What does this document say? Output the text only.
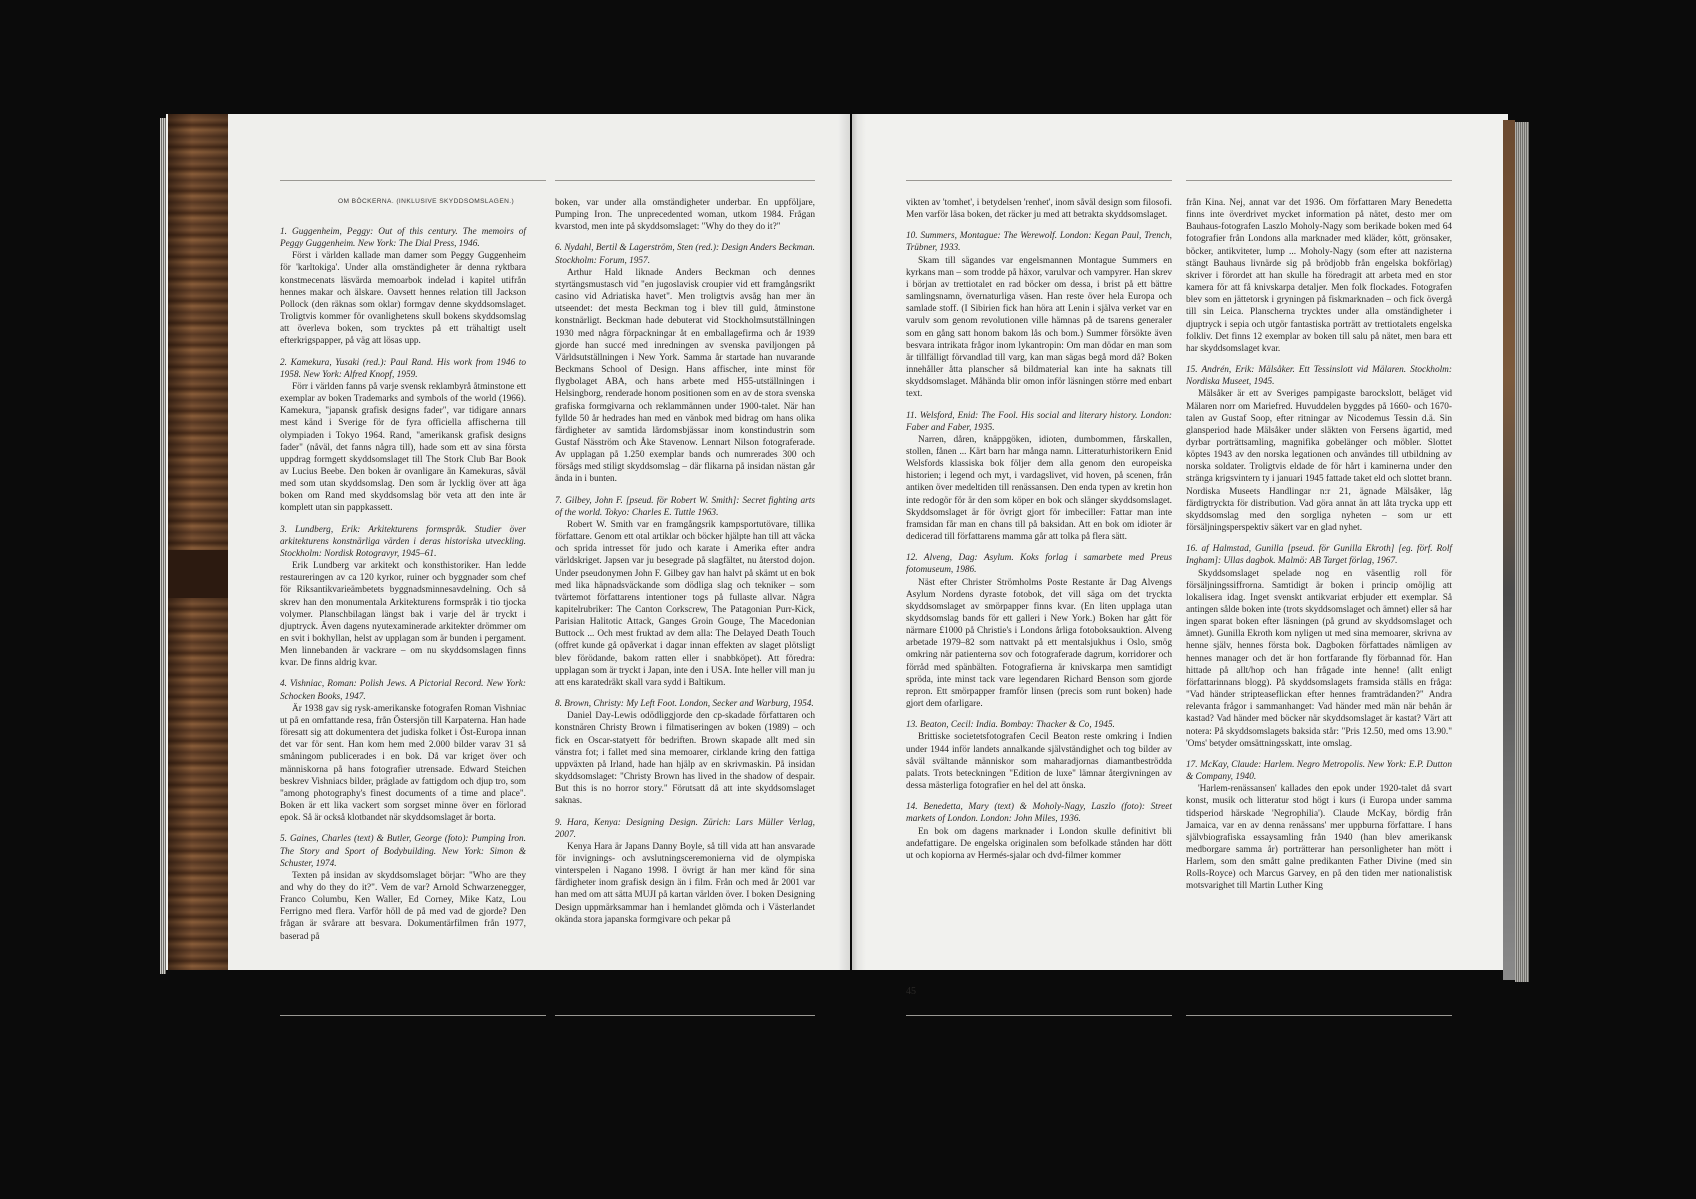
OM BÖCKERNA. (INKLUSIVE SKYDDSOMSLAGEN.)
1. Guggenheim, Peggy: Out of this century. The memoirs of Peggy Guggenheim. New York: The Dial Press, 1946.
Först i världen kallade man damer som Peggy Guggenheim för 'karltokiga'. Under alla omständigheter är denna ryktbara konstmecenats läsvärda memoarbok indelad i kapitel utifrån hennes makar och älskare. Oavsett hennes relation till Jackson Pollock (den räknas som oklar) formgav denne skyddsomslaget. Troligtvis kommer för ovanlighetens skull bokens skyddsomslag att överleva boken, som trycktes på ett trähaltigt uselt efterkrigspapper, på väg att lösas upp.
2. Kamekura, Yusaki (red.): Paul Rand. His work from 1946 to 1958. New York: Alfred Knopf, 1959.
Förr i världen fanns på varje svensk reklambyrå åtminstone ett exemplar av boken Trademarks and symbols of the world (1966). Kamekura, "japansk grafisk designs fader", var tidigare annars mest känd i Sverige för de fyra officiella affischerna till olympiaden i Tokyo 1964. Rand, "amerikansk grafisk designs fader" (nåväl, det fanns några till), hade som ett av sina första uppdrag formgett skyddsomslaget till The Stork Club Bar Book av Lucius Beebe. Den boken är ovanligare än Kamekuras, såväl med som utan skyddsomslag. Den som är lycklig över att äga boken om Rand med skyddsomslag bör veta att den inte är komplett utan sin pappkassett.
3. Lundberg, Erik: Arkitekturens formspråk. Studier över arkitekturens konstnärliga värden i deras historiska utveckling. Stockholm: Nordisk Rotogravyr, 1945–61.
Erik Lundberg var arkitekt och konsthistoriker. Han ledde restaureringen av ca 120 kyrkor, ruiner och byggnader som chef för Riksantikvarieämbetets byggnadsminnesavdelning. Och så skrev han den monumentala Arkitekturens formspråk i tio tjocka volymer. Planschbilagan längst bak i varje del är tryckt i djuptryck. Även dagens nyutexaminerade arkitekter drömmer om en svit i bokhyllan, helst av upplagan som är bunden i pergament. Men linnebanden är vackrare – om nu skyddsomslagen finns kvar. De finns aldrig kvar.
4. Vishniac, Roman: Polish Jews. A Pictorial Record. New York: Schocken Books, 1947.
Är 1938 gav sig rysk-amerikanske fotografen Roman Vishniac ut på en omfattande resa, från Östersjön till Karpaterna. Han hade föresatt sig att dokumentera det judiska folket i Öst-Europa innan det var för sent. Han kom hem med 2.000 bilder varav 31 så småningom publicerades i en bok. Då var kriget över och människorna på hans fotografier utrensade. Edward Steichen beskrev Vishniacs bilder, präglade av fattigdom och djup tro, som "among photography's finest documents of a time and place". Boken är ett lika vackert som sorgset minne över en förlorad epok. Så är också klotbandet när skyddsomslaget är borta.
5. Gaines, Charles (text) & Butler, George (foto): Pumping Iron. The Story and Sport of Bodybuilding. New York: Simon & Schuster, 1974.
Texten på insidan av skyddsomslaget börjar: "Who are they and why do they do it?". Vem de var? Arnold Schwarzenegger, Franco Columbu, Ken Waller, Ed Corney, Mike Katz, Lou Ferrigno med flera. Varför höll de på med vad de gjorde? Den frågan är svårare att besvara. Dokumentärfilmen från 1977, baserad på
boken, var under alla omständigheter underbar. En uppföljare, Pumping Iron. The unprecedented woman, utkom 1984. Frågan kvarstod, men inte på skyddsomslaget: "Why do they do it?"
6. Nydahl, Bertil & Lagerström, Sten (red.): Design Anders Beckman. Stockholm: Forum, 1957.
Arthur Hald liknade Anders Beckman och dennes styrtängsmustasch vid "en jugoslavisk croupier vid ett framgångsrikt casino vid Adriatiska havet". Men troligtvis avsåg han mer än utseendet: det mesta Beckman tog i blev till guld, åtminstone konstnärligt. Beckman hade debuterat vid Stockholmsutställningen 1930 med några förpackningar åt en emballagefirma och år 1939 gjorde han succé med inredningen av svenska paviljongen på Världsutställningen i New York. Samma år startade han nuvarande Beckmans School of Design. Hans affischer, inte minst för flygbolaget ABA, och hans arbete med H55-utställningen i Helsingborg, renderade honom positionen som en av de stora svenska grafiska formgivarna och reklammännen under 1900-talet. När han fyllde 50 år hedrades han med en vänbok med bidrag om hans olika färdigheter av samtida lärdomsbjässar inom konstindustrin som Gustaf Näsström och Åke Stavenow. Lennart Nilson fotograferade. Av upplagan på 1.250 exemplar bands och numrerades 300 och försågs med stiligt skyddsomslag – där flikarna på insidan nästan går ända in i bunten.
7. Gilbey, John F. [pseud. för Robert W. Smith]: Secret fighting arts of the world. Tokyo: Charles E. Tuttle 1963.
Robert W. Smith var en framgångsrik kampsportutövare, tillika författare. Genom ett otal artiklar och böcker hjälpte han till att väcka och sprida intresset för judo och karate i Amerika efter andra världskriget. Japsen var ju besegrade på slagfältet, nu återstod dojon. Under pseudonymen John F. Gilbey gav han halvt på skämt ut en bok med lika häpnadsväckande som dödliga slag och tekniker – som tvärtemot författarens intentioner togs på fullaste allvar. Några kapitelrubriker: The Canton Corkscrew, The Patagonian Purr-Kick, Parisian Halitotic Attack, Ganges Groin Gouge, The Macedonian Buttock ... Och mest fruktad av dem alla: The Delayed Death Touch (offret kunde gå opåverkat i dagar innan effekten av slaget plötsligt blev förödande, bakom ratten eller i snabbköpet). Att föredra: upplagan som är tryckt i Japan, inte den i USA. Inte heller vill man ju att ens karatedräkt skall vara sydd i Baltikum.
8. Brown, Christy: My Left Foot. London, Secker and Warburg, 1954.
Daniel Day-Lewis odödliggjorde den cp-skadade författaren och konstnären Christy Brown i filmatiseringen av boken (1989) – och fick en Oscar-statyett för bedriften. Brown skapade allt med sin vänstra fot; i fallet med sina memoarer, cirklande kring den fattiga uppväxten på Irland, hade han hjälp av en skrivmaskin. På insidan skyddsomslaget: "Christy Brown has lived in the shadow of despair. But this is no horror story." Förutsatt då att inte skyddsomslaget saknas.
9. Hara, Kenya: Designing Design. Zürich: Lars Müller Verlag, 2007.
Kenya Hara är Japans Danny Boyle, så till vida att han ansvarade för invignings- och avslutningsceremonierna vid de olympiska vinterspelen i Nagano 1998. I övrigt är han mer känd för sina färdigheter inom grafisk design än i film. Från och med år 2001 var han med om att sätta MUJI på kartan världen över. I boken Designing Design uppmärksammar han i hemlandet glömda och i Västerlandet okända stora japanska formgivare och pekar på
vikten av 'tomhet', i betydelsen 'renhet', inom såväl design som filosofi. Men varför läsa boken, det räcker ju med att betrakta skyddsomslaget.
10. Summers, Montague: The Werewolf. London: Kegan Paul, Trench, Trübner, 1933.
Skam till sägandes var engelsmannen Montague Summers en kyrkans man – som trodde på häxor, varulvar och vampyrer. Han skrev i början av trettiotalet en rad böcker om dessa, i brist på ett bättre samlingsnamn, övernaturliga väsen. Han reste över hela Europa och samlade stoff. (I Sibirien fick han höra att Lenin i själva verket var en varulv som genom revolutionen ville hämnas på de tsarens generaler som en gång satt honom bakom lås och bom.) Summer försökte även besvara intrikata frågor inom lykantropin: Om man dödar en man som är tillfälligt förvandlad till varg, kan man sägas begå mord då? Boken innehåller åtta planscher så bildmaterial kan inte ha saknats till skyddsomslaget. Måhända blir omon inför läsningen större med enbart text.
11. Welsford, Enid: The Fool. His social and literary history. London: Faber and Faber, 1935.
Narren, dåren, knäppgöken, idioten, dumbommen, fårskallen, stollen, fånen ... Kärt barn har många namn. Litteraturhistorikern Enid Welsfords klassiska bok följer dem alla genom den europeiska historien; i legend och myt, i vardagslivet, vid hoven, på scenen, från antiken över medeltiden till renässansen. Den enda typen av kretin hon inte redogör för är den som köper en bok och slänger skyddsomslaget. Skyddsomslaget är för övrigt gjort för imbeciller: Fattar man inte framsidan får man en chans till på baksidan. Att en bok om idioter är dedicerad till författarens mamma går att tolka på flera sätt.
12. Alveng, Dag: Asylum. Koks forlag i samarbete med Preus fotomuseum, 1986.
Näst efter Christer Strömholms Poste Restante är Dag Alvengs Asylum Nordens dyraste fotobok, det vill säga om det tryckta skyddsomslaget av smörpapper finns kvar. (En liten upplaga utan skyddsomslag bands för ett galleri i New York.) Boken har gått för närmare £1000 på Christie's i Londons årliga fotoboksauktion. Alveng arbetade 1979–82 som nattvakt på ett mentalsjukhus i Oslo, smög omkring när patienterna sov och fotograferade dagrum, korridorer och förråd med spänbälten. Fotografierna är knivskarpa men samtidigt spröda, inte minst tack vare legendaren Richard Benson som gjorde repron. Ett smörpapper framför linsen (precis som runt boken) hade gjort dem ofarligare.
13. Beaton, Cecil: India. Bombay: Thacker & Co, 1945.
Brittiske societetsfotografen Cecil Beaton reste omkring i Indien under 1944 inför landets annalkande självständighet och tog bilder av såväl svältande människor som maharadjornas diamantbeströdda palats. Trots beteckningen "Edition de luxe" lämnar återgivningen av dessa mästerliga fotografier en hel del att önska.
14. Benedetta, Mary (text) & Moholy-Nagy, Laszlo (foto): Street markets of London. London: John Miles, 1936.
En bok om dagens marknader i London skulle definitivt bli andefattigare. De engelska originalen som befolkade stånden har dött ut och kopiorna av Hermés-sjalar och dvd-filmer kommer
från Kina. Nej, annat var det 1936. Om författaren Mary Benedetta finns inte överdrivet mycket information på nätet, desto mer om Bauhaus-fotografen Laszlo Moholy-Nagy som berikade boken med 64 fotografier från Londons alla marknader med kläder, kött, grönsaker, böcker, antikviteter, lump ... Moholy-Nagy (som efter att nazisterna stängt Bauhaus livnärde sig på brödjobb från engelska bokförlag) skriver i förordet att han skulle ha föredragit att arbeta med en stor kamera för att få knivskarpa detaljer. Men folk flockades. Fotografen blev som en jättetorsk i gryningen på fiskmarknaden – och fick övergå till sin Leica. Planscherna trycktes under alla omständigheter i djuptryck i sepia och utgör fantastiska porträtt av trettiotalets engelska folkliv. Det finns 12 exemplar av boken till salu på nätet, men bara ett har skyddsomslaget kvar.
15. Andrén, Erik: Mälsåker. Ett Tessinslott vid Mälaren. Stockholm: Nordiska Museet, 1945.
Mälsåker är ett av Sveriges pampigaste barockslott, beläget vid Mälaren norr om Mariefred. Huvuddelen byggdes på 1660- och 1670-talen av Gustaf Soop, efter ritningar av Nicodemus Tessin d.ä. Sin glansperiod hade Mälsåker under släkten von Fersens ägartid, med dyrbar porträttsamling, magnifika gobelänger och möbler. Slottet köptes 1943 av den norska legationen och användes till utbildning av norska soldater. Troligtvis eldade de för hårt i kaminerna under den stränga krigsvintern ty i januari 1945 fattade taket eld och slottet brann. Nordiska Museets Handlingar n:r 21, ägnade Mälsåker, låg färdigtryckta för distribution. Vad göra annat än att låta trycka upp ett skyddsomslag med den sorgliga nyheten – som ur ett försäljningsperspektiv säkert var en glad nyhet.
16. af Halmstad, Gunilla [pseud. för Gunilla Ekroth] [eg. förf. Rolf Ingham]: Ullas dagbok. Malmö: AB Target förlag, 1967.
Skyddsomslaget spelade nog en väsentlig roll för försäljningssiffrorna. Samtidigt är boken i princip omöjlig att lokalisera idag. Inget svenskt antikvariat erbjuder ett exemplar. Så antingen sålde boken inte (trots skyddsomslaget och ämnet) eller så har ingen sparat boken efter läsningen (på grund av skyddsomslaget och ämnet). Gunilla Ekroth kom nyligen ut med sina memoarer, skrivna av henne själv, hennes första bok. Dagboken författades nämligen av hennes manager och det är hon fortfarande fly förbannad för. Han hittade på allt/hop och han frågade inte henne! (allt enligt författarinnans blogg). På skyddsomslagets framsida ställs en fråga: "Vad händer stripteaseflickan efter hennes framträdanden?" Andra relevanta frågor i sammanhanget: Vad händer med män när behån är kastad? Vad händer med böcker när skyddsomslaget är kastat? Värt att notera: På skyddsomslagets baksida står: "Pris 12.50, med oms 13.90." 'Oms' betyder omsättningsskatt, inte omslag.
17. McKay, Claude: Harlem. Negro Metropolis. New York: E.P. Dutton & Company, 1940.
'Harlem-renässansen' kallades den epok under 1920-talet då svart konst, musik och litteratur stod högt i kurs (i Europa under samma tidsperiod härskade 'Negrophilia'). Claude McKay, bördig från Jamaica, var en av denna renässans' mer uppburna författare. I hans självbiografiska essaysamling från 1940 (han blev amerikansk medborgare samma år) porträtterar han personligheter han mött i Harlem, som den smått galne predikanten Father Divine (med sin Rolls-Royce) och Marcus Garvey, en på den tiden mer nationalistisk motsvarighet till Martin Luther King
45
